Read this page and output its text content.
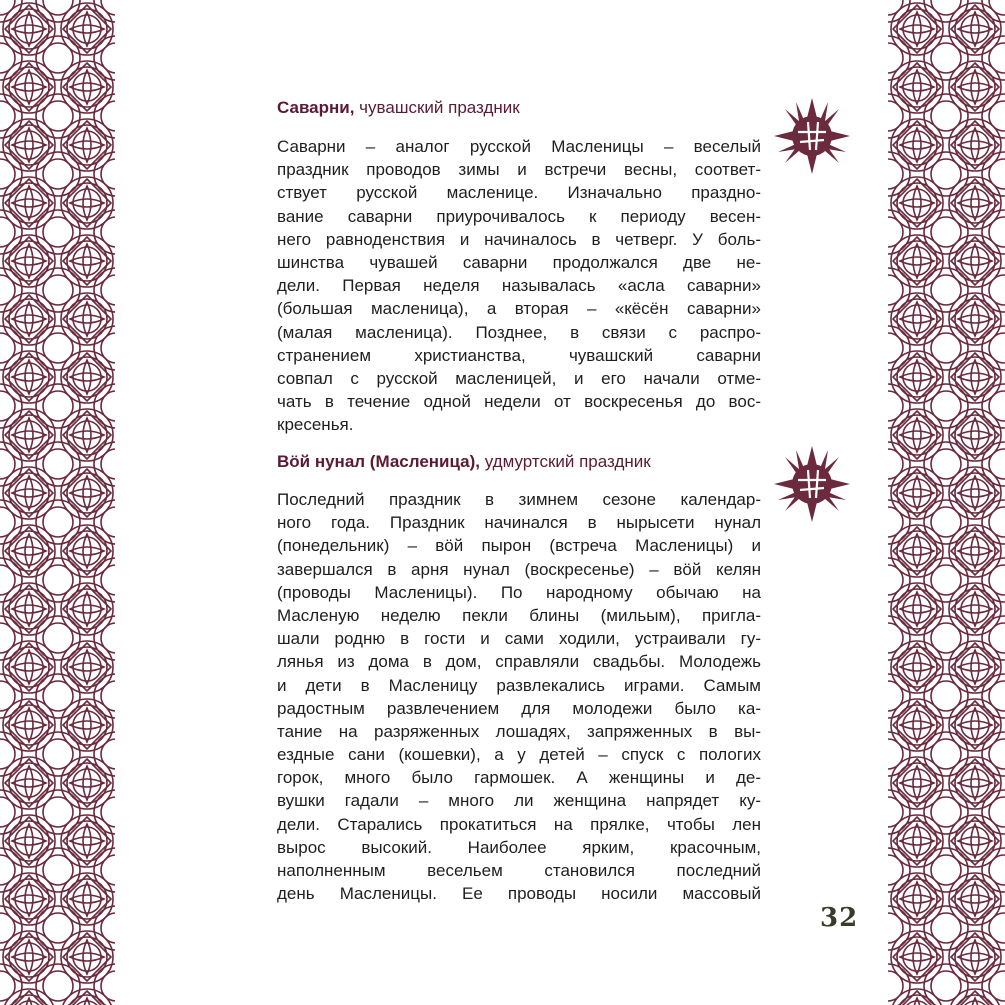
Саварни, чувашский праздник
Саварни – аналог русской Масленицы – веселый
праздник проводов зимы и встречи весны, соответ-
ствует русской масленице. Изначально праздно-
вание саварни приурочивалось к периоду весен-
него равноденствия и начиналось в четверг. У боль-
шинства чувашей саварни продолжался две не-
дели. Первая неделя называлась «асла саварни»
(большая масленица), а вторая – «кёсён саварни»
(малая масленица). Позднее, в связи с распро-
странением христианства, чувашский саварни
совпал с русской масленицей, и его начали отме-
чать в течение одной недели от воскресенья до вос-
кресенья.
Вӧй нунал (Масленица), удмуртский праздник
Последний праздник в зимнем сезоне календар-
ного года. Праздник начинался в нырысети нунал
(понедельник) – вӧй пырон (встреча Масленицы) и
завершался в арня нунал (воскресенье) – вӧй келян
(проводы Масленицы). По народному обычаю на
Масленую неделю пекли блины (мильым), пригла-
шали родню в гости и сами ходили, устраивали гу-
лянья из дома в дом, справляли свадьбы. Молодежь
и дети в Масленицу развлекались играми. Самым
радостным развлечением для молодежи было ка-
тание на разряженных лошадях, запряженных в вы-
ездные сани (кошевки), а у детей – спуск с пологих
горок, много было гармошек. А женщины и де-
вушки гадали – много ли женщина напрядет ку-
дели. Старались прокатиться на прялке, чтобы лен
вырос высокий. Наиболее ярким, красочным,
наполненным весельем становился последний
день Масленицы. Ее проводы носили массовый
32
